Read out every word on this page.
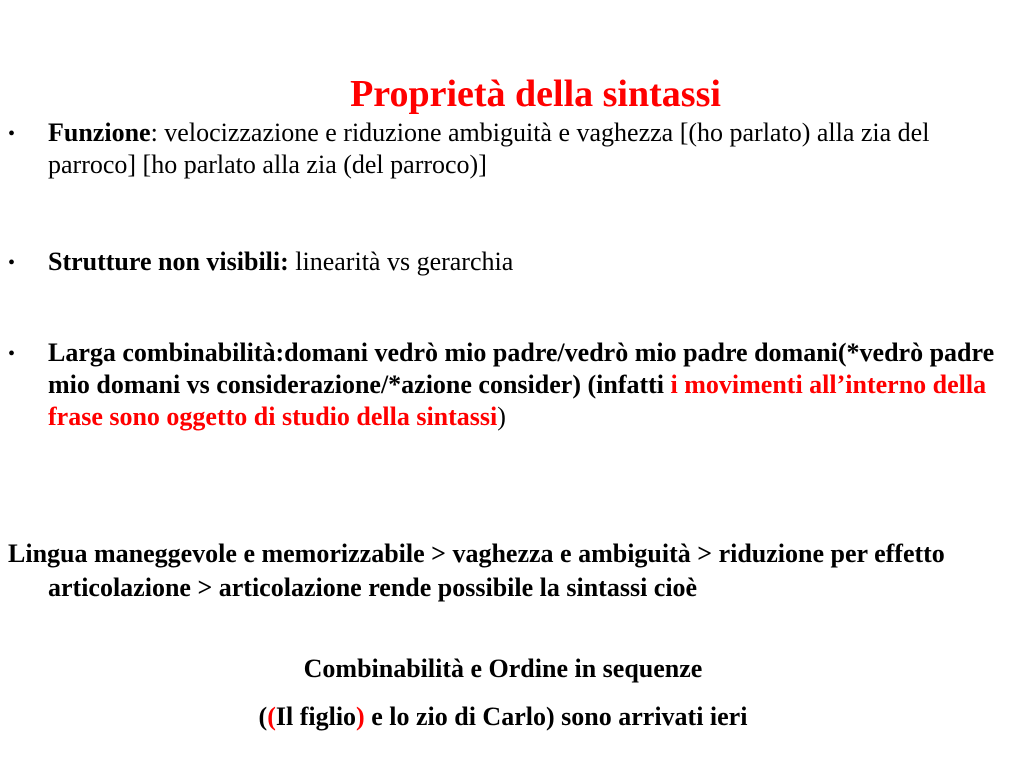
Proprietà della sintassi
• Funzione: velocizzazione e riduzione ambiguità e vaghezza [(ho parlato) alla zia del parroco] [ho parlato alla zia (del parroco)]
• Strutture non visibili: linearità vs gerarchia
• Larga combinabilità:domani vedrò mio padre/vedrò mio padre domani(*vedrò padre mio domani vs considerazione/*azione consider) (infatti i movimenti all’interno della frase sono oggetto di studio della sintassi)
Lingua maneggevole e memorizzabile > vaghezza e ambiguità > riduzione per effetto articolazione > articolazione rende possibile la sintassi cioè
Combinabilità e Ordine in sequenze
((Il figlio) e lo zio di Carlo) sono arrivati ieri
